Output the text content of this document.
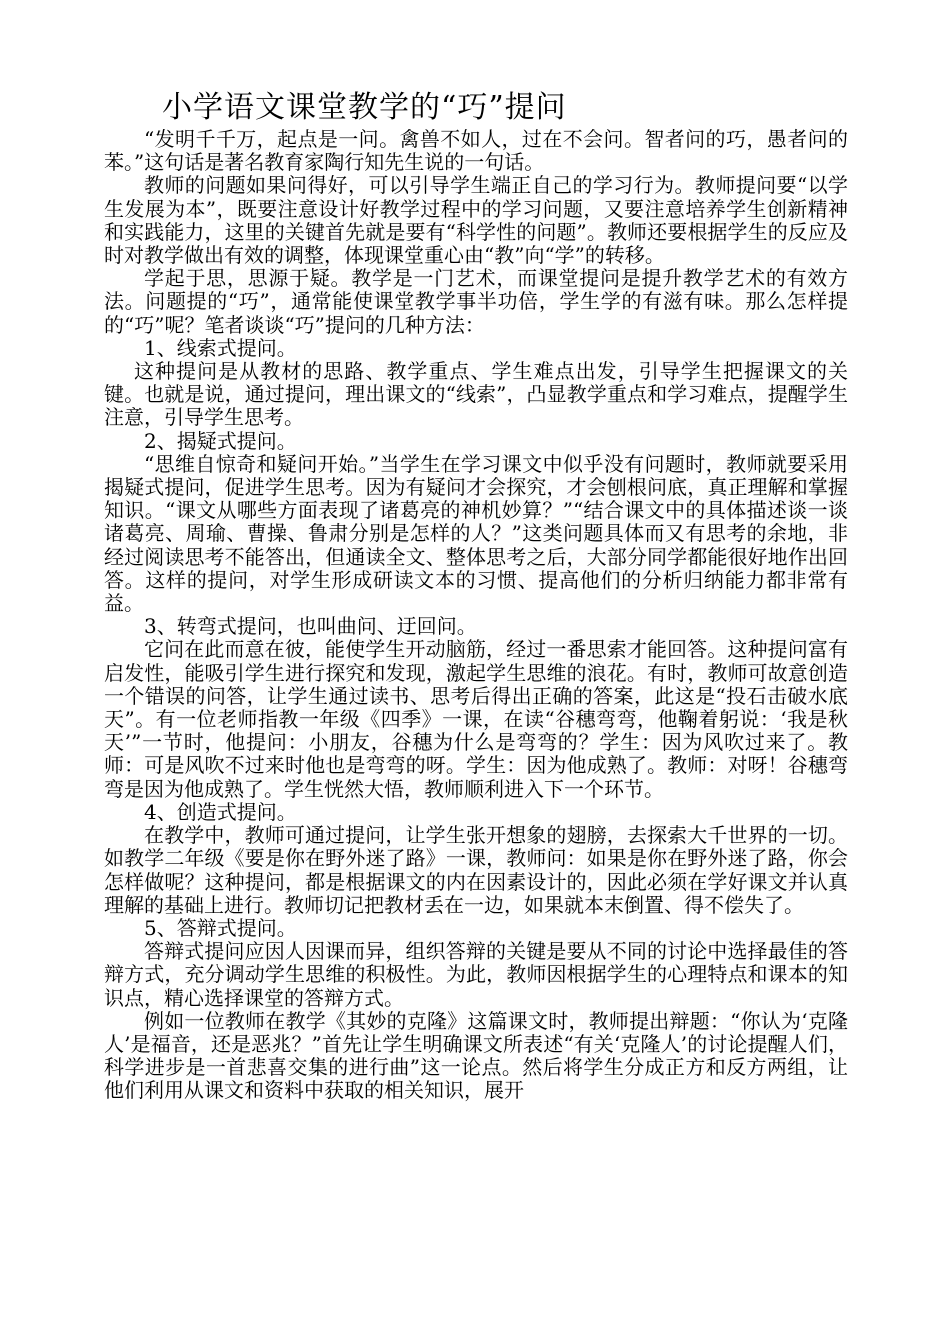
小学语文课堂教学的“巧”提问

“发明千千万，起点是一问。禽兽不如人，过在不会问。智者问的巧，愚者问的苯。”这句话是著名教育家陶行知先生说的一句话。

教师的问题如果问得好，可以引导学生端正自己的学习行为。教师提问要“以学生发展为本”，既要注意设计好教学过程中的学习问题，又要注意培养学生创新精神和实践能力，这里的关键首先就是要有“科学性的问题”。教师还要根据学生的反应及时对教学做出有效的调整，体现课堂重心由“教”向“学”的转移。

学起于思，思源于疑。教学是一门艺术，而课堂提问是提升教学艺术的有效方法。问题提的“巧”，通常能使课堂教学事半功倍，学生学的有滋有味。那么怎样提的“巧”呢？笔者谈谈“巧”提问的几种方法：

1、线索式提问。

这种提问是从教材的思路、教学重点、学生难点出发，引导学生把握课文的关键。也就是说，通过提问，理出课文的“线索”，凸显教学重点和学习难点，提醒学生注意，引导学生思考。

2、揭疑式提问。

“思维自惊奇和疑问开始。”当学生在学习课文中似乎没有问题时，教师就要采用揭疑式提问，促进学生思考。因为有疑问才会探究，才会刨根问底，真正理解和掌握知识。“课文从哪些方面表现了诸葛亮的神机妙算？”“结合课文中的具体描述谈一谈诸葛亮、周瑜、曹操、鲁肃分别是怎样的人？”这类问题具体而又有思考的余地，非经过阅读思考不能答出，但通读全文、整体思考之后，大部分同学都能很好地作出回答。这样的提问，对学生形成研读文本的习惯、提高他们的分析归纳能力都非常有益。

3、转弯式提问，也叫曲问、迂回问。

它问在此而意在彼，能使学生开动脑筋，经过一番思索才能回答。这种提问富有启发性，能吸引学生进行探究和发现，激起学生思维的浪花。有时，教师可故意创造一个错误的问答，让学生通过读书、思考后得出正确的答案，此这是“投石击破水底天”。有一位老师指教一年级《四季》一课，在读“谷穗弯弯，他鞠着躬说：‘我是秋天’”一节时，他提问：小朋友，谷穗为什么是弯弯的？学生：因为风吹过来了。教师：可是风吹不过来时他也是弯弯的呀。学生：因为他成熟了。教师：对呀！谷穗弯弯是因为他成熟了。学生恍然大悟，教师顺利进入下一个环节。

4、创造式提问。

在教学中，教师可通过提问，让学生张开想象的翅膀，去探索大千世界的一切。如教学二年级《要是你在野外迷了路》一课，教师问：如果是你在野外迷了路，你会怎样做呢？这种提问，都是根据课文的内在因素设计的，因此必须在学好课文并认真理解的基础上进行。教师切记把教材丢在一边，如果就本末倒置、得不偿失了。

5、答辩式提问。

答辩式提问应因人因课而异，组织答辩的关键是要从不同的讨论中选择最佳的答辩方式，充分调动学生思维的积极性。为此，教师因根据学生的心理特点和课本的知识点，精心选择课堂的答辩方式。

例如一位教师在教学《其妙的克隆》这篇课文时，教师提出辩题：“你认为‘克隆人’是福音，还是恶兆？”首先让学生明确课文所表述“有关‘克隆人’的讨论提醒人们，科学进步是一首悲喜交集的进行曲”这一论点。然后将学生分成正方和反方两组，让他们利用从课文和资料中获取的相关知识，展开
